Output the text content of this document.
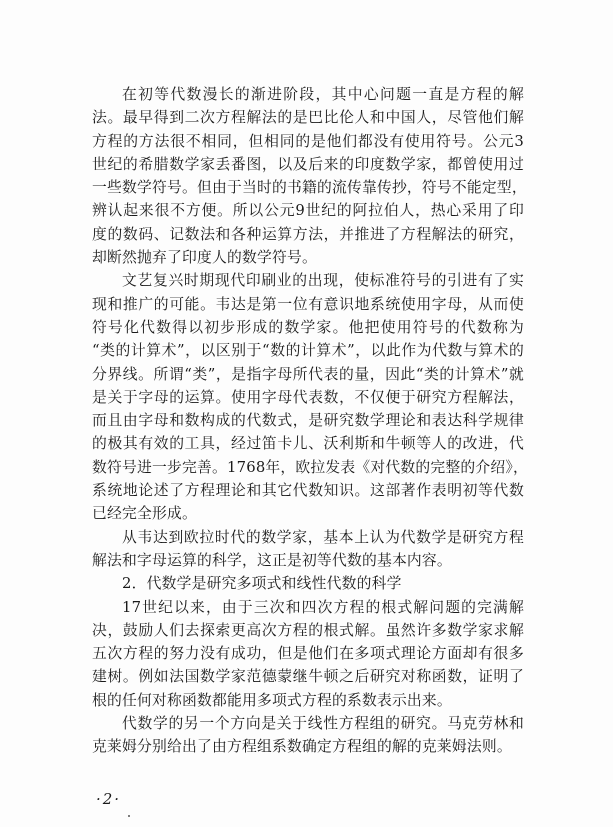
在初等代数漫长的渐进阶段，其中心问题一直是方程的解
法。最早得到二次方程解法的是巴比伦人和中国人，尽管他们解
方程的方法很不相同，但相同的是他们都没有使用符号。公元3
世纪的希腊数学家丢番图，以及后来的印度数学家，都曾使用过
一些数学符号。但由于当时的书籍的流传靠传抄，符号不能定型，
辨认起来很不方便。所以公元9世纪的阿拉伯人，热心采用了印
度的数码、记数法和各种运算方法，并推进了方程解法的研究，
却断然抛弃了印度人的数学符号。
文艺复兴时期现代印刷业的出现，使标准符号的引进有了实
现和推广的可能。韦达是第一位有意识地系统使用字母，从而使
符号化代数得以初步形成的数学家。他把使用符号的代数称为
“类的计算术”，以区别于“数的计算术”，以此作为代数与算术的
分界线。所谓“类”，是指字母所代表的量，因此“类的计算术”就
是关于字母的运算。使用字母代表数，不仅便于研究方程解法，
而且由字母和数构成的代数式，是研究数学理论和表达科学规律
的极其有效的工具，经过笛卡儿、沃利斯和牛顿等人的改进，代
数符号进一步完善。1768年，欧拉发表《对代数的完整的介绍》，
系统地论述了方程理论和其它代数知识。这部著作表明初等代数
已经完全形成。
从韦达到欧拉时代的数学家，基本上认为代数学是研究方程
解法和字母运算的科学，这正是初等代数的基本内容。
2．代数学是研究多项式和线性代数的科学
17世纪以来，由于三次和四次方程的根式解问题的完满解
决，鼓励人们去探索更高次方程的根式解。虽然许多数学家求解
五次方程的努力没有成功，但是他们在多项式理论方面却有很多
建树。例如法国数学家范德蒙继牛顿之后研究对称函数，证明了
根的任何对称函数都能用多项式方程的系数表示出来。
代数学的另一个方向是关于线性方程组的研究。马克劳林和
克莱姆分别给出了由方程组系数确定方程组的解的克莱姆法则。
·2·
